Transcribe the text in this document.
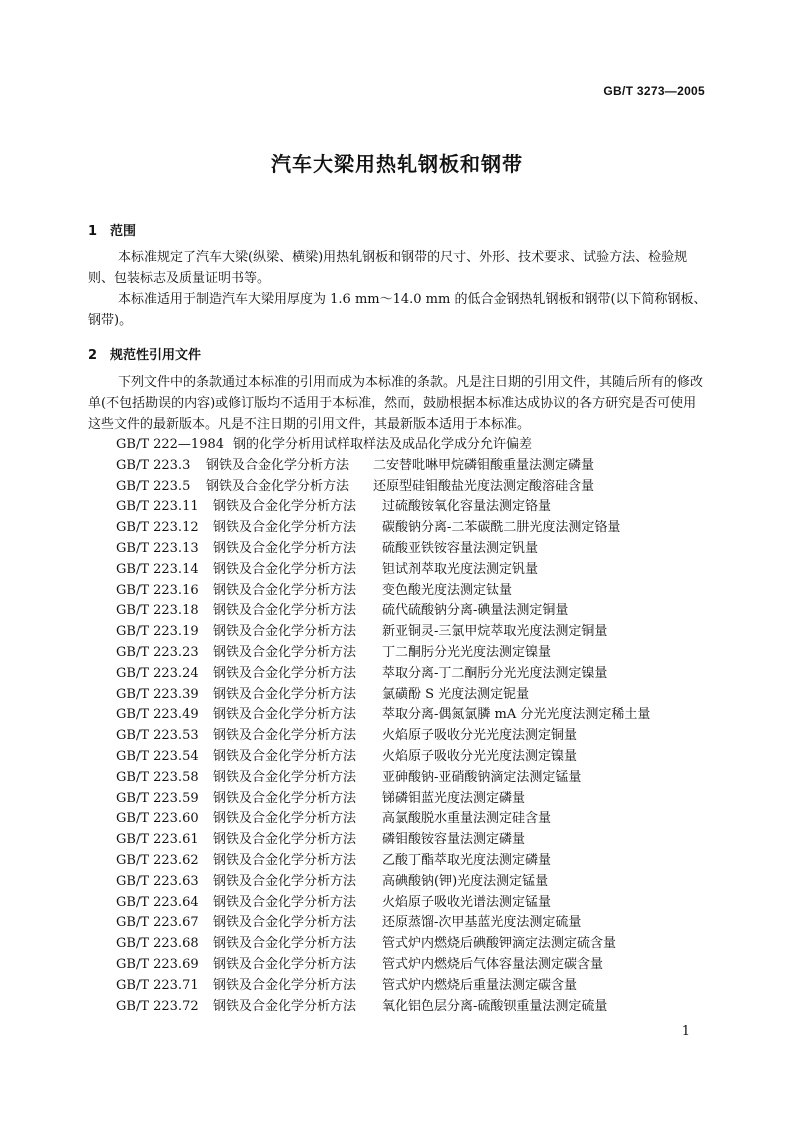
GB/T 3273—2005
汽车大梁用热轧钢板和钢带
1 范围

本标准规定了汽车大梁(纵梁、横梁)用热轧钢板和钢带的尺寸、外形、技术要求、试验方法、检验规则、包装标志及质量证明书等。

本标准适用于制造汽车大梁用厚度为 1.6 mm～14.0 mm 的低合金钢热轧钢板和钢带(以下简称钢板、钢带)。

2 规范性引用文件

下列文件中的条款通过本标准的引用而成为本标准的条款。凡是注日期的引用文件，其随后所有的修改单(不包括勘误的内容)或修订版均不适用于本标准，然而，鼓励根据本标准达成协议的各方研究是否可使用这些文件的最新版本。凡是不注日期的引用文件，其最新版本适用于本标准。

GB/T 222—1984 钢的化学分析用试样取样法及成品化学成分允许偏差
GB/T 223.3	钢铁及合金化学分析方法	二安替吡啉甲烷磷钼酸重量法测定磷量
GB/T 223.5	钢铁及合金化学分析方法	还原型硅钼酸盐光度法测定酸溶硅含量
GB/T 223.11	钢铁及合金化学分析方法	过硫酸铵氧化容量法测定铬量
GB/T 223.12	钢铁及合金化学分析方法	碳酸钠分离-二苯碳酰二肼光度法测定铬量
GB/T 223.13	钢铁及合金化学分析方法	硫酸亚铁铵容量法测定钒量
GB/T 223.14	钢铁及合金化学分析方法	钽试剂萃取光度法测定钒量
GB/T 223.16	钢铁及合金化学分析方法	变色酸光度法测定钛量
GB/T 223.18	钢铁及合金化学分析方法	硫代硫酸钠分离-碘量法测定铜量
GB/T 223.19	钢铁及合金化学分析方法	新亚铜灵-三氯甲烷萃取光度法测定铜量
GB/T 223.23	钢铁及合金化学分析方法	丁二酮肟分光光度法测定镍量
GB/T 223.24	钢铁及合金化学分析方法	萃取分离-丁二酮肟分光光度法测定镍量
GB/T 223.39	钢铁及合金化学分析方法	氯磺酚 S 光度法测定铌量
GB/T 223.49	钢铁及合金化学分析方法	萃取分离-偶氮氯膦 mA 分光光度法测定稀土量
GB/T 223.53	钢铁及合金化学分析方法	火焰原子吸收分光光度法测定铜量
GB/T 223.54	钢铁及合金化学分析方法	火焰原子吸收分光光度法测定镍量
GB/T 223.58	钢铁及合金化学分析方法	亚砷酸钠-亚硝酸钠滴定法测定锰量
GB/T 223.59	钢铁及合金化学分析方法	锑磷钼蓝光度法测定磷量
GB/T 223.60	钢铁及合金化学分析方法	高氯酸脱水重量法测定硅含量
GB/T 223.61	钢铁及合金化学分析方法	磷钼酸铵容量法测定磷量
GB/T 223.62	钢铁及合金化学分析方法	乙酸丁酯萃取光度法测定磷量
GB/T 223.63	钢铁及合金化学分析方法	高碘酸钠(钾)光度法测定锰量
GB/T 223.64	钢铁及合金化学分析方法	火焰原子吸收光谱法测定锰量
GB/T 223.67	钢铁及合金化学分析方法	还原蒸馏-次甲基蓝光度法测定硫量
GB/T 223.68	钢铁及合金化学分析方法	管式炉内燃烧后碘酸钾滴定法测定硫含量
GB/T 223.69	钢铁及合金化学分析方法	管式炉内燃烧后气体容量法测定碳含量
GB/T 223.71	钢铁及合金化学分析方法	管式炉内燃烧后重量法测定碳含量
GB/T 223.72	钢铁及合金化学分析方法	氧化铝色层分离-硫酸钡重量法测定硫量
1
